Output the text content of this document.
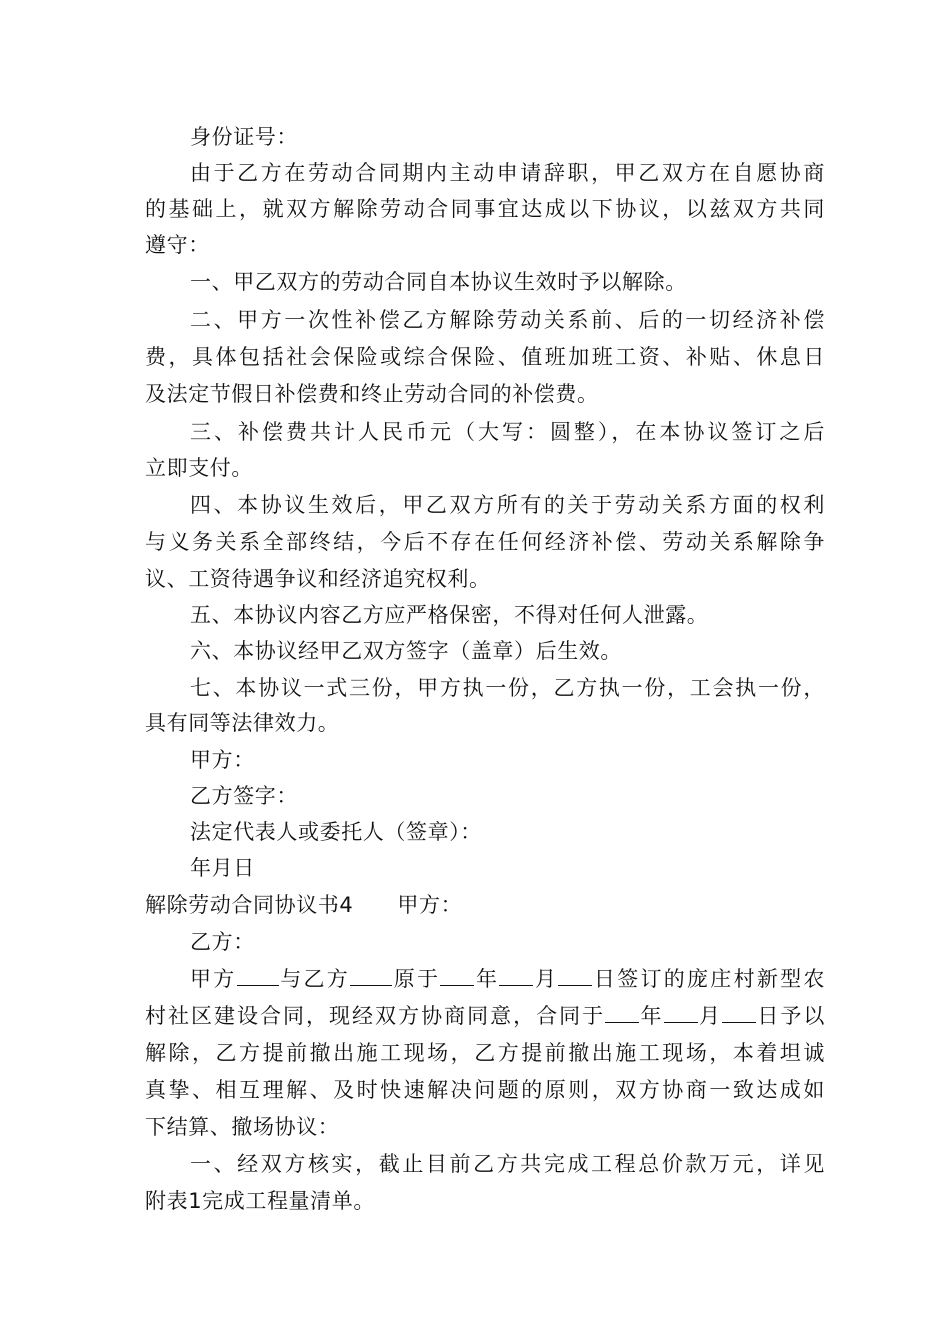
身份证号：
由于乙方在劳动合同期内主动申请辞职，甲乙双方在自愿协商
的基础上，就双方解除劳动合同事宜达成以下协议，以兹双方共同
遵守：
一、甲乙双方的劳动合同自本协议生效时予以解除。
二、甲方一次性补偿乙方解除劳动关系前、后的一切经济补偿
费，具体包括社会保险或综合保险、值班加班工资、补贴、休息日
及法定节假日补偿费和终止劳动合同的补偿费。
三、补偿费共计人民币元（大写：圆整），在本协议签订之后
立即支付。
四、本协议生效后，甲乙双方所有的关于劳动关系方面的权利
与义务关系全部终结，今后不存在任何经济补偿、劳动关系解除争
议、工资待遇争议和经济追究权利。
五、本协议内容乙方应严格保密，不得对任何人泄露。
六、本协议经甲乙双方签字（盖章）后生效。
七、本协议一式三份，甲方执一份，乙方执一份，工会执一份，
具有同等法律效力。
甲方：
乙方签字：
法定代表人或委托人（签章）：
年月日
解除劳动合同协议书4 甲方：
乙方：
甲方 与乙方 原于 年 月 日签订的庞庄村新型农
村社区建设合同，现经双方协商同意，合同于 年 月 日予以
解除，乙方提前撤出施工现场，乙方提前撤出施工现场，本着坦诚
真挚、相互理解、及时快速解决问题的原则，双方协商一致达成如
下结算、撤场协议：
一、经双方核实，截止目前乙方共完成工程总价款万元，详见
附表1完成工程量清单。
